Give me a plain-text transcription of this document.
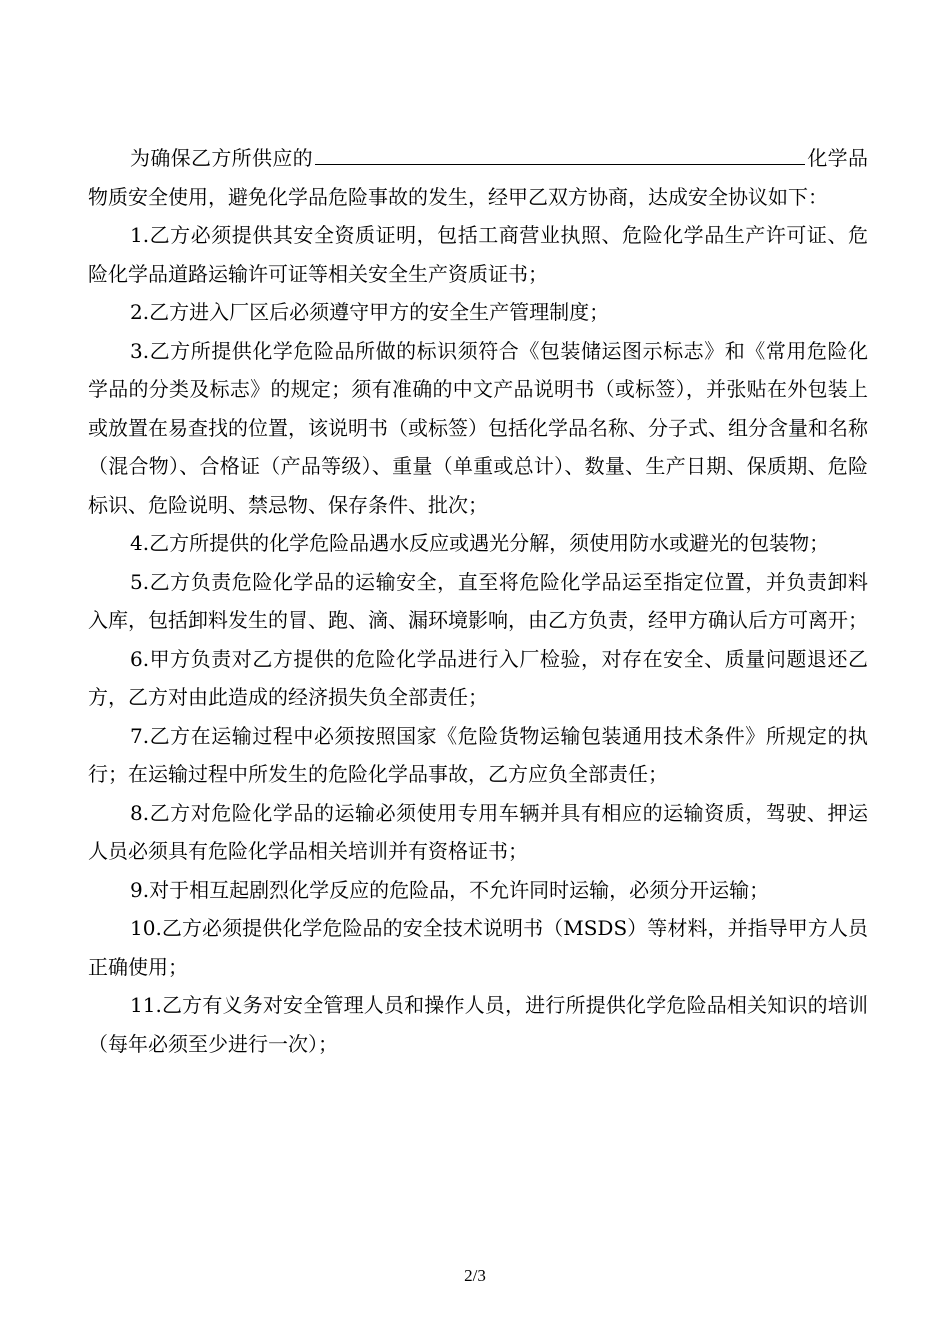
为确保乙方所供应的	化学品物质安全使用，避免化学品危险事故的发生，经甲乙双方协商，达成安全协议如下：

1.乙方必须提供其安全资质证明，包括工商营业执照、危险化学品生产许可证、危险化学品道路运输许可证等相关安全生产资质证书；

2.乙方进入厂区后必须遵守甲方的安全生产管理制度；

3.乙方所提供化学危险品所做的标识须符合《包装储运图示标志》和《常用危险化学品的分类及标志》的规定；须有准确的中文产品说明书（或标签），并张贴在外包装上或放置在易查找的位置，该说明书（或标签）包括化学品名称、分子式、组分含量和名称（混合物）、合格证（产品等级）、重量（单重或总计）、数量、生产日期、保质期、危险标识、危险说明、禁忌物、保存条件、批次；

4.乙方所提供的化学危险品遇水反应或遇光分解，须使用防水或避光的包装物；

5.乙方负责危险化学品的运输安全，直至将危险化学品运至指定位置，并负责卸料入库，包括卸料发生的冒、跑、滴、漏环境影响，由乙方负责，经甲方确认后方可离开；

6.甲方负责对乙方提供的危险化学品进行入厂检验，对存在安全、质量问题退还乙方，乙方对由此造成的经济损失负全部责任；

7.乙方在运输过程中必须按照国家《危险货物运输包装通用技术条件》所规定的执行；在运输过程中所发生的危险化学品事故，乙方应负全部责任；

8.乙方对危险化学品的运输必须使用专用车辆并具有相应的运输资质，驾驶、押运人员必须具有危险化学品相关培训并有资格证书；

9.对于相互起剧烈化学反应的危险品，不允许同时运输，必须分开运输；

10.乙方必须提供化学危险品的安全技术说明书（MSDS）等材料，并指导甲方人员正确使用；

11.乙方有义务对安全管理人员和操作人员，进行所提供化学危险品相关知识的培训（每年必须至少进行一次）；

2/3
